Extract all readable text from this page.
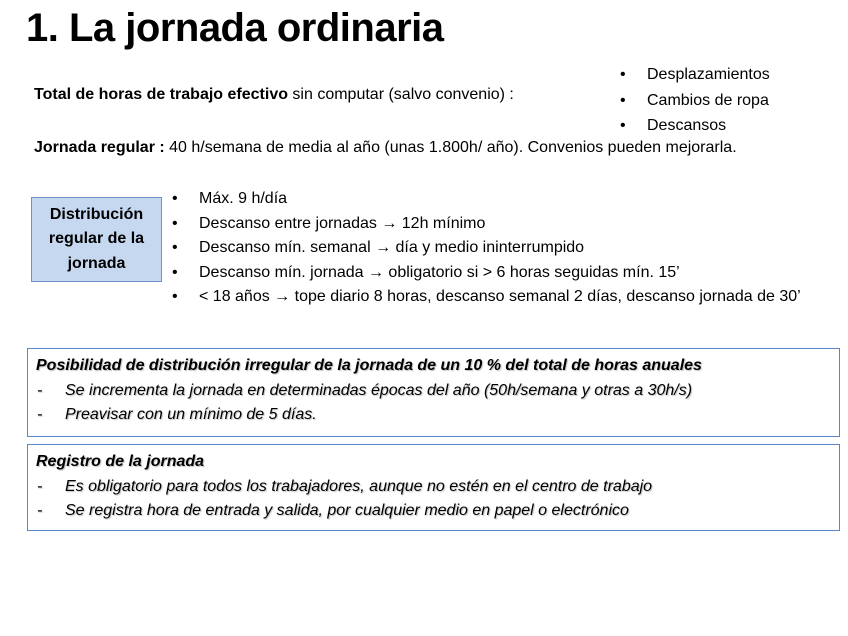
1. La jornada ordinaria
Total de horas de trabajo efectivo sin computar (salvo convenio) :
• Desplazamientos
• Cambios de ropa
• Descansos
Jornada regular : 40 h/semana de media al año (unas 1.800h/ año). Convenios pueden mejorarla.
Distribución regular de la jornada
• Máx. 9 h/día
• Descanso entre jornadas → 12h mínimo
• Descanso mín. semanal → día y medio ininterrumpido
• Descanso mín. jornada → obligatorio si > 6 horas seguidas mín. 15’
• < 18 años → tope diario 8 horas, descanso semanal 2 días, descanso jornada de 30’
Posibilidad de distribución irregular de la jornada de un 10 % del total de horas anuales
- Se incrementa la jornada en determinadas épocas del año (50h/semana y otras a 30h/s)
- Preavisar con un mínimo de 5 días.
Registro de la jornada
- Es obligatorio para todos los trabajadores, aunque no estén en el centro de trabajo
- Se registra hora de entrada y salida, por cualquier medio en papel o electrónico
